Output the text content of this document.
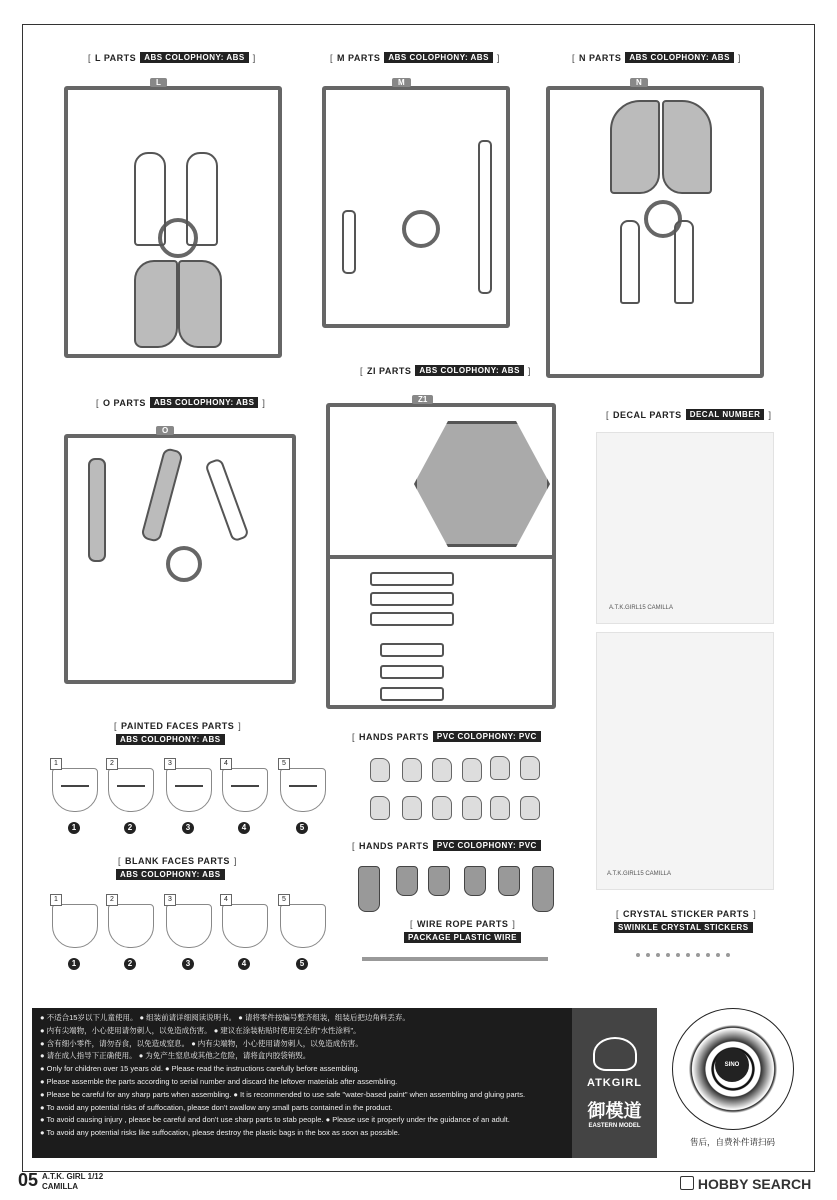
[ L PARTS	ABS COLOPHONY: ABS ]
L
[ M PARTS	ABS COLOPHONY: ABS ]
M
[ N PARTS	ABS COLOPHONY: ABS ]
N
[ ZI PARTS	ABS COLOPHONY: ABS ]
Z1
[ O PARTS	ABS COLOPHONY: ABS ]
O
[ DECAL PARTS	DECAL NUMBER ]
A.T.K.GIRL15 CAMILLA
A.T.K.GIRL15 CAMILLA
[ PAINTED FACES PARTS ]
ABS COLOPHONY: ABS
1
1
2
2
3
3
4
4
5
5
[ BLANK FACES PARTS ]
ABS COLOPHONY: ABS
1
1
2
2
3
3
4
4
5
5
[ HANDS PARTS	PVC COLOPHONY: PVC
[ HANDS PARTS	PVC COLOPHONY: PVC
[ WIRE ROPE PARTS ]
PACKAGE PLASTIC WIRE
[ CRYSTAL STICKER PARTS ]
SWINKLE CRYSTAL STICKERS
● 不适合15岁以下儿童使用。 ● 组装前请详细阅读说明书。 ● 请将零件按编号整齐组装，组装后把边角料丢弃。
● 内有尖端物，小心使用请勿刺人，以免造成伤害。 ● 建议在涂装粘贴时使用安全的"水性涂料"。
● 含有细小零件，请勿吞食，以免造成窒息。 ● 内有尖端物，小心使用请勿刺人，以免造成伤害。
● 请在成人指导下正确使用。 ● 为免产生窒息或其他之危险，请将盒内胶袋销毁。
● Only for children over 15 years old. ● Please read the instructions carefully before assembling.
● Please assemble the parts according to serial number and discard the leftover materials after assembling.
● Please be careful for any sharp parts when assembling. ● It is recommended to use safe "water-based paint" when assembling and gluing parts.
● To avoid any potential risks of suffocation, please don't swallow any small parts contained in the product.
● To avoid causing injury , please be careful and don't use sharp parts to stab people. ● Please use it properly under the guidance of an adult.
● To avoid any potential risks like suffocation, please destroy the plastic bags in the box as soon as possible.
ATKGIRL
御模道
EASTERN MODEL
SINO
售后，自费补件请扫码
05 A.T.K. GIRL 1/12
CAMILLA	HOBBY SEARCH
